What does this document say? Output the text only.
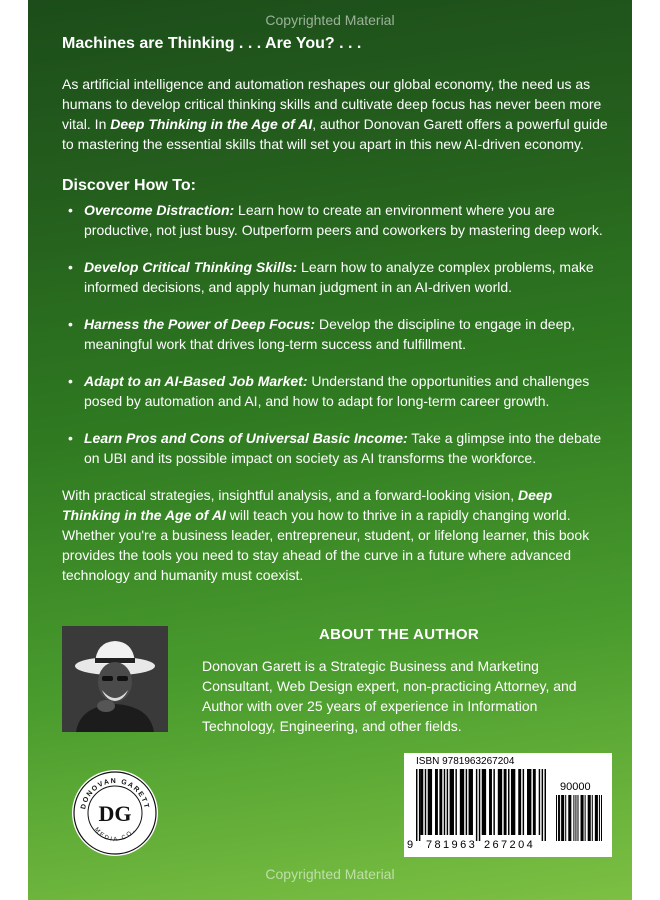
Copyrighted Material

Machines are Thinking . . . Are You? . . .

As artificial intelligence and automation reshapes our global economy, the need us as humans to develop critical thinking skills and cultivate deep focus has never been more vital. In Deep Thinking in the Age of AI, author Donovan Garett offers a powerful guide to mastering the essential skills that will set you apart in this new AI-driven economy.

Discover How To:

• Overcome Distraction: Learn how to create an environment where you are productive, not just busy. Outperform peers and coworkers by mastering deep work.
• Develop Critical Thinking Skills: Learn how to analyze complex problems, make informed decisions, and apply human judgment in an AI-driven world.
• Harness the Power of Deep Focus: Develop the discipline to engage in deep, meaningful work that drives long-term success and fulfillment.
• Adapt to an AI-Based Job Market: Understand the opportunities and challenges posed by automation and AI, and how to adapt for long-term career growth.
• Learn Pros and Cons of Universal Basic Income: Take a glimpse into the debate on UBI and its possible impact on society as AI transforms the workforce.

With practical strategies, insightful analysis, and a forward-looking vision, Deep Thinking in the Age of AI will teach you how to thrive in a rapidly changing world. Whether you're a business leader, entrepreneur, student, or lifelong learner, this book provides the tools you need to stay ahead of the curve in a future where advanced technology and humanity must coexist.

ABOUT THE AUTHOR
Donovan Garett is a Strategic Business and Marketing Consultant, Web Design expert, non-practicing Attorney, and Author with over 25 years of experience in Information Technology, Engineering, and other fields.
DONOVAN GARETT
MEDIA CO.
DG
ISBN 9781963267204
90000
9 781963 267204
Copyrighted Material
